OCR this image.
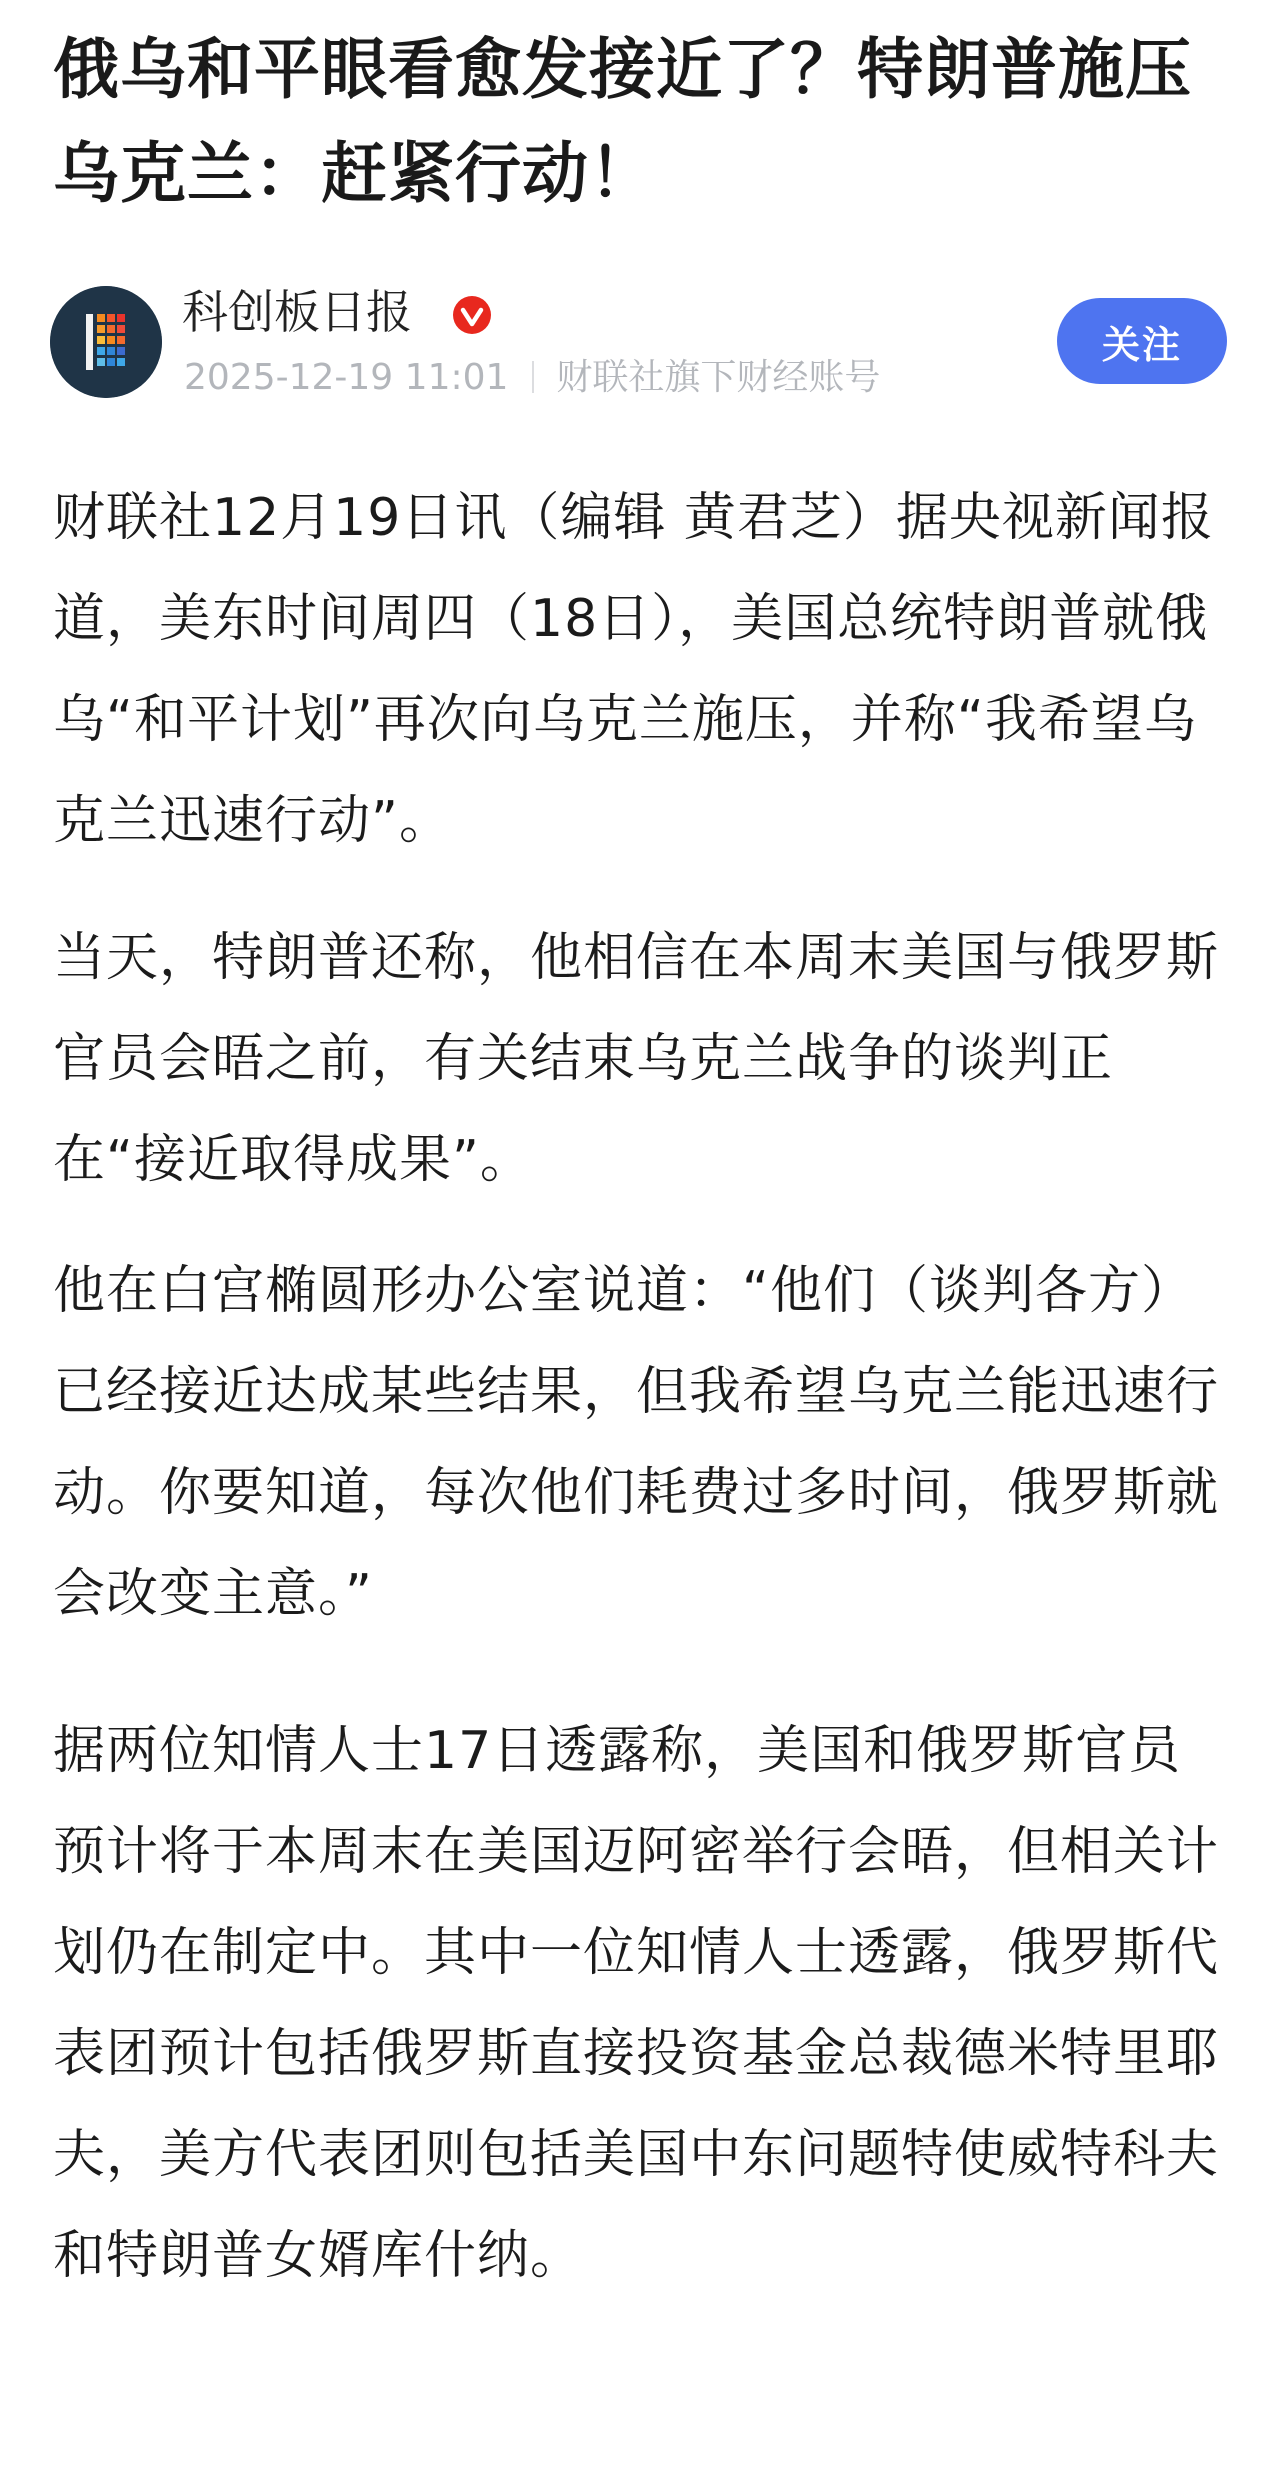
俄乌和平眼看愈发接近了？特朗普施压乌克兰：赶紧行动！
科创板日报
2025-12-19 11:01 财联社旗下财经账号
关注

财联社12月19日讯（编辑 黄君芝）据央视新闻报道，美东时间周四（18日），美国总统特朗普就俄乌“和平计划”再次向乌克兰施压，并称“我希望乌克兰迅速行动”。

当天，特朗普还称，他相信在本周末美国与俄罗斯官员会晤之前，有关结束乌克兰战争的谈判正在“接近取得成果”。

他在白宫椭圆形办公室说道：“他们（谈判各方）已经接近达成某些结果，但我希望乌克兰能迅速行动。你要知道，每次他们耗费过多时间，俄罗斯就会改变主意。”

据两位知情人士17日透露称，美国和俄罗斯官员预计将于本周末在美国迈阿密举行会晤，但相关计划仍在制定中。其中一位知情人士透露，俄罗斯代表团预计包括俄罗斯直接投资基金总裁德米特里耶夫，美方代表团则包括美国中东问题特使威特科夫和特朗普女婿库什纳。
